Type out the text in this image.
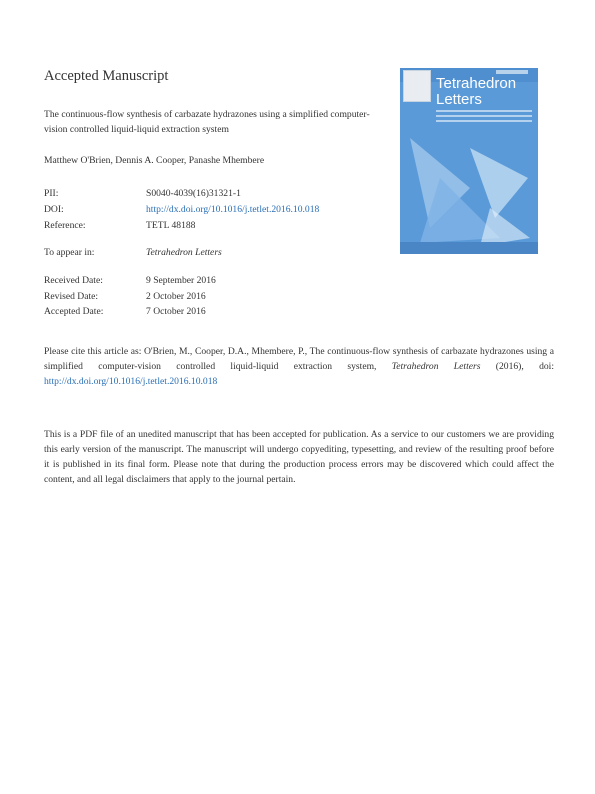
Accepted Manuscript
The continuous-flow synthesis of carbazate hydrazones using a simplified computer-vision controlled liquid-liquid extraction system
Matthew O'Brien, Dennis A. Cooper, Panashe Mhembere
PII:	S0040-4039(16)31321-1
DOI:	http://dx.doi.org/10.1016/j.tetlet.2016.10.018
Reference:	TETL 48188
To appear in:	Tetrahedron Letters
Received Date:	9 September 2016
Revised Date:	2 October 2016
Accepted Date:	7 October 2016
Please cite this article as: O'Brien, M., Cooper, D.A., Mhembere, P., The continuous-flow synthesis of carbazate hydrazones using a simplified computer-vision controlled liquid-liquid extraction system, Tetrahedron Letters (2016), doi: http://dx.doi.org/10.1016/j.tetlet.2016.10.018
This is a PDF file of an unedited manuscript that has been accepted for publication. As a service to our customers we are providing this early version of the manuscript. The manuscript will undergo copyediting, typesetting, and review of the resulting proof before it is published in its final form. Please note that during the production process errors may be discovered which could affect the content, and all legal disclaimers that apply to the journal pertain.
Tetrahedron Letters
